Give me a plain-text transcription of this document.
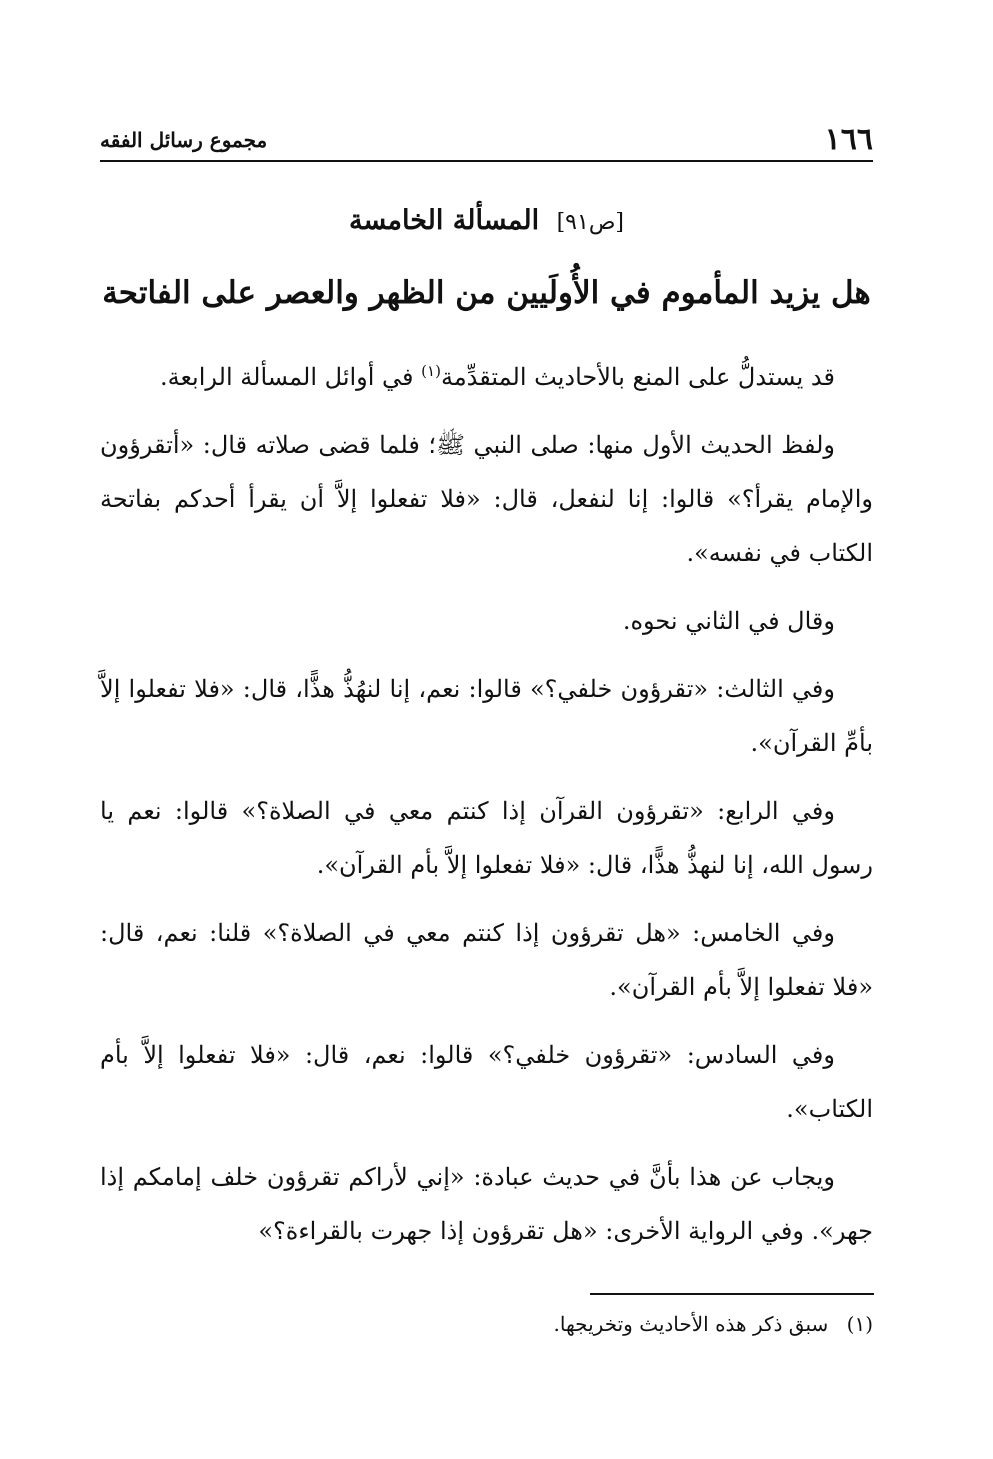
١٦٦
مجموع رسائل الفقه
[ص٩١] المسألة الخامسة
هل يزيد المأموم في الأُولَيين من الظهر والعصر على الفاتحة

قد يستدلُّ على المنع بالأحاديث المتقدِّمة$^{(١)}$ في أوائل المسألة الرابعة.

ولفظ الحديث الأول منها: صلى النبي ﷺ؛ فلما قضى صلاته قال: «أتقرؤون والإمام يقرأ؟» قالوا: إنا لنفعل، قال: «فلا تفعلوا إلاَّ أن يقرأ أحدكم بفاتحة الكتاب في نفسه».

وقال في الثاني نحوه.

وفي الثالث: «تقرؤون خلفي؟» قالوا: نعم، إنا لنهُذُّ هذًّا، قال: «فلا تفعلوا إلاَّ بأمِّ القرآن».

وفي الرابع: «تقرؤون القرآن إذا كنتم معي في الصلاة؟» قالوا: نعم يا رسول الله، إنا لنهذُّ هذًّا، قال: «فلا تفعلوا إلاَّ بأم القرآن».

وفي الخامس: «هل تقرؤون إذا كنتم معي في الصلاة؟» قلنا: نعم، قال: «فلا تفعلوا إلاَّ بأم القرآن».

وفي السادس: «تقرؤون خلفي؟» قالوا: نعم، قال: «فلا تفعلوا إلاَّ بأم الكتاب».

ويجاب عن هذا بأنَّ في حديث عبادة: «إني لأراكم تقرؤون خلف إمامكم إذا جهر». وفي الرواية الأخرى: «هل تقرؤون إذا جهرت بالقراءة؟»

(١) سبق ذكر هذه الأحاديث وتخريجها.
